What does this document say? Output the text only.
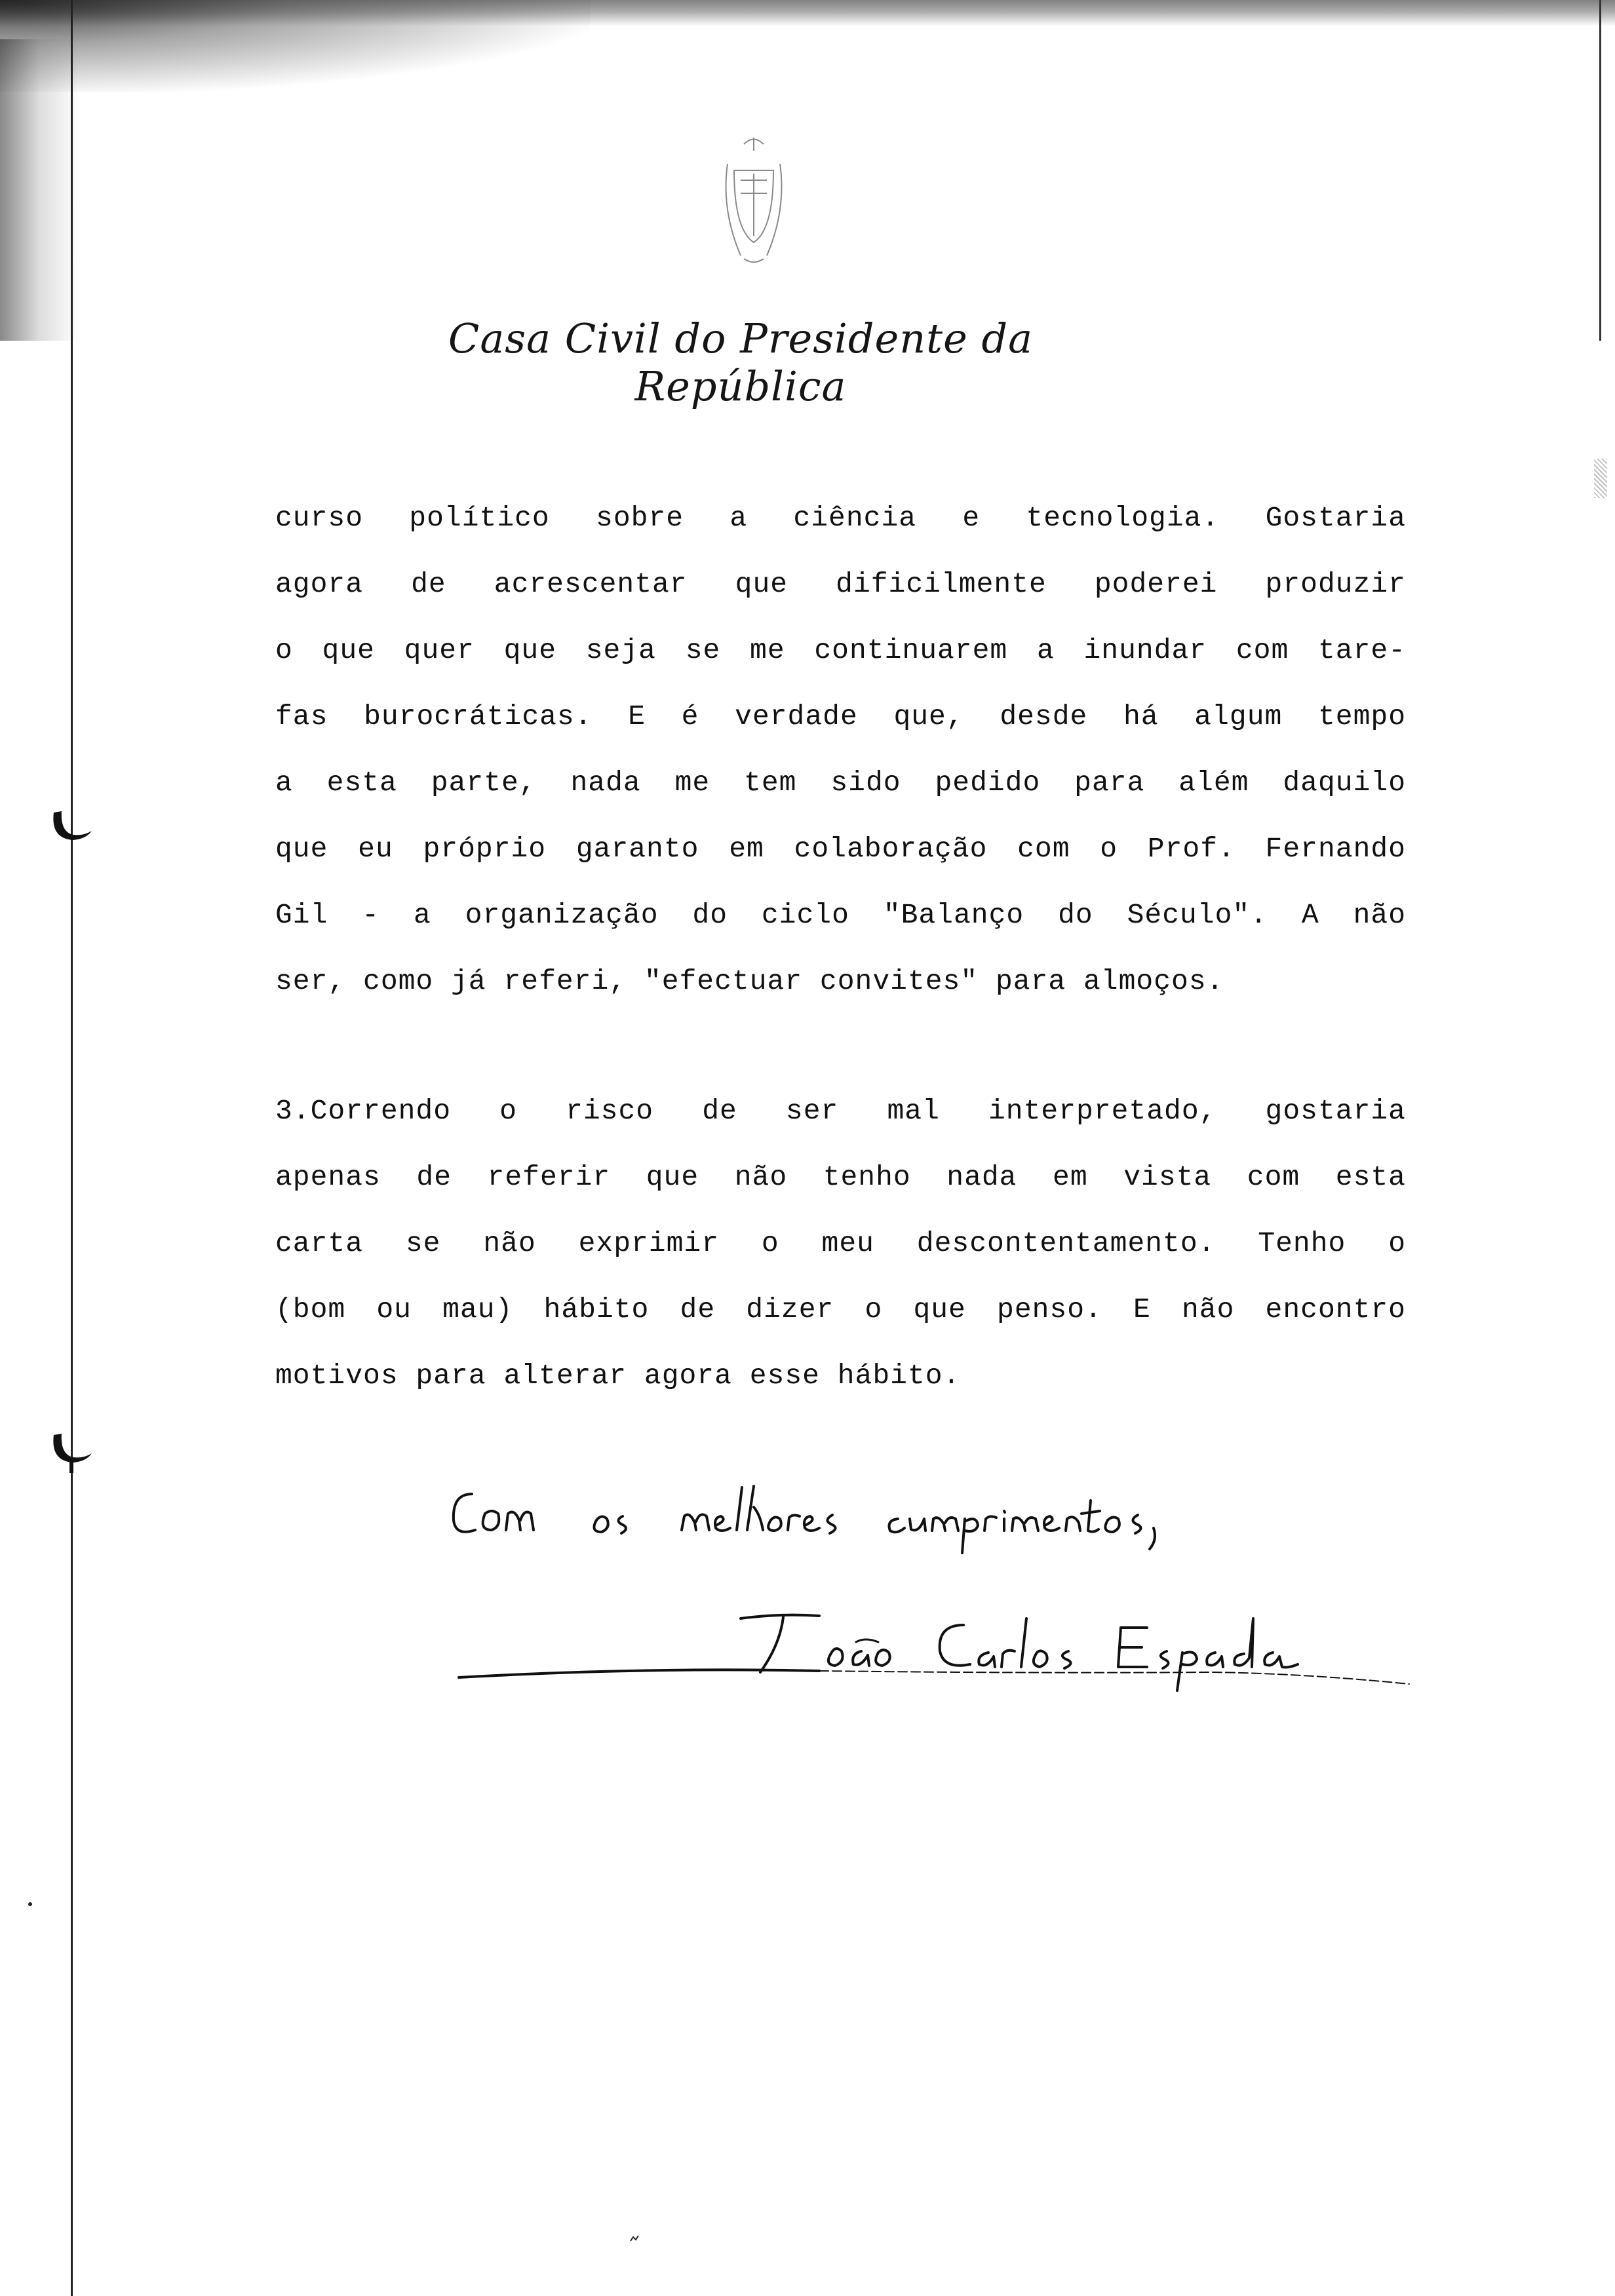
Casa Civil do Presidente da República
curso político sobre a ciência e tecnologia. Gostaria
agora de acrescentar que dificilmente poderei produzir
o que quer que seja se me continuarem a inundar com tare-
fas burocráticas. E é verdade que, desde há algum tempo
a esta parte, nada me tem sido pedido para além daquilo
que eu próprio garanto em colaboração com o Prof. Fernando
Gil - a organização do ciclo "Balanço do Século". A não
ser, como já referi, "efectuar convites" para almoços.
3.Correndo o risco de ser mal interpretado, gostaria
apenas de referir que não tenho nada em vista com esta
carta se não exprimir o meu descontentamento. Tenho o
(bom ou mau) hábito de dizer o que penso. E não encontro
motivos para alterar agora esse hábito.
